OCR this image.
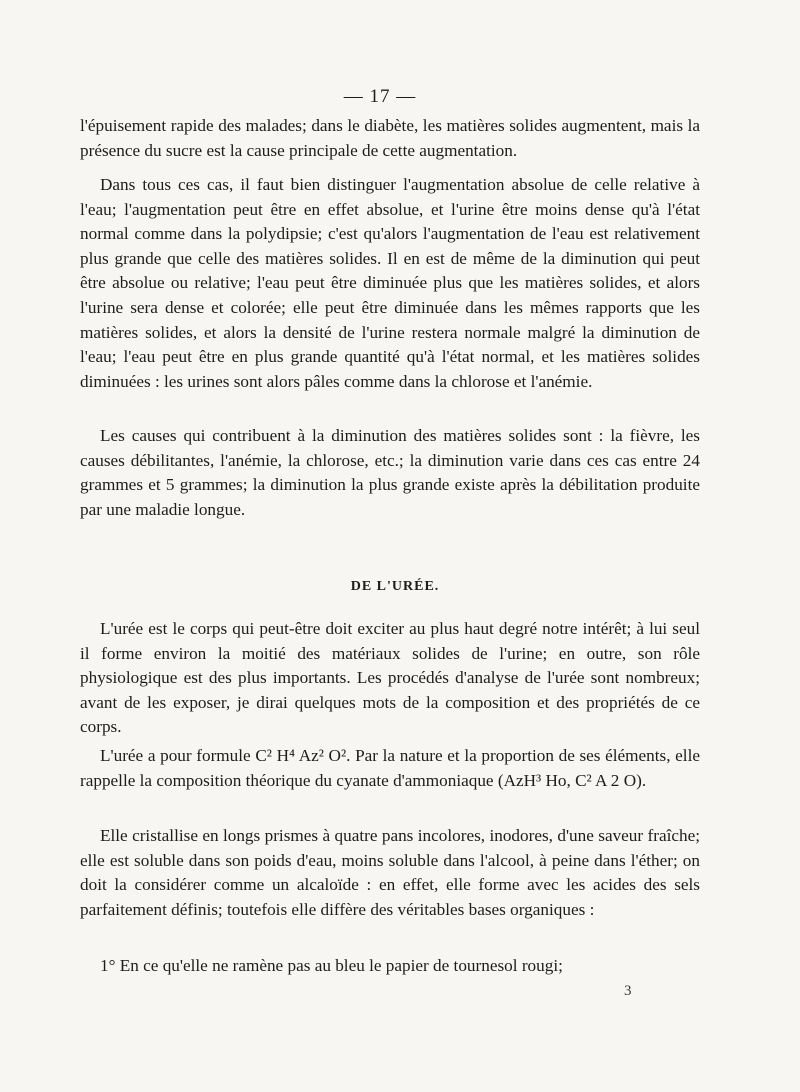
— 17 —

l'épuisement rapide des malades; dans le diabète, les matières solides augmentent, mais la présence du sucre est la cause principale de cette augmentation.

Dans tous ces cas, il faut bien distinguer l'augmentation absolue de celle relative à l'eau; l'augmentation peut être en effet absolue, et l'urine être moins dense qu'à l'état normal comme dans la polydipsie; c'est qu'alors l'augmentation de l'eau est relativement plus grande que celle des matières solides. Il en est de même de la diminution qui peut être absolue ou relative; l'eau peut être diminuée plus que les matières solides, et alors l'urine sera dense et colorée; elle peut être diminuée dans les mêmes rapports que les matières solides, et alors la densité de l'urine restera normale malgré la diminution de l'eau; l'eau peut être en plus grande quantité qu'à l'état normal, et les matières solides diminuées : les urines sont alors pâles comme dans la chlorose et l'anémie.

Les causes qui contribuent à la diminution des matières solides sont : la fièvre, les causes débilitantes, l'anémie, la chlorose, etc.; la diminution varie dans ces cas entre 24 grammes et 5 grammes; la diminution la plus grande existe après la débilitation produite par une maladie longue.

DE L'URÉE.

L'urée est le corps qui peut-être doit exciter au plus haut degré notre intérêt; à lui seul il forme environ la moitié des matériaux solides de l'urine; en outre, son rôle physiologique est des plus importants. Les procédés d'analyse de l'urée sont nombreux; avant de les exposer, je dirai quelques mots de la composition et des propriétés de ce corps.

L'urée a pour formule C² H⁴ Az² O². Par la nature et la proportion de ses éléments, elle rappelle la composition théorique du cyanate d'ammoniaque (AzH³ Ho, C² A 2 O).

Elle cristallise en longs prismes à quatre pans incolores, inodores, d'une saveur fraîche; elle est soluble dans son poids d'eau, moins soluble dans l'alcool, à peine dans l'éther; on doit la considérer comme un alcaloïde : en effet, elle forme avec les acides des sels parfaitement définis; toutefois elle diffère des véritables bases organiques :

1° En ce qu'elle ne ramène pas au bleu le papier de tournesol rougi;

3
